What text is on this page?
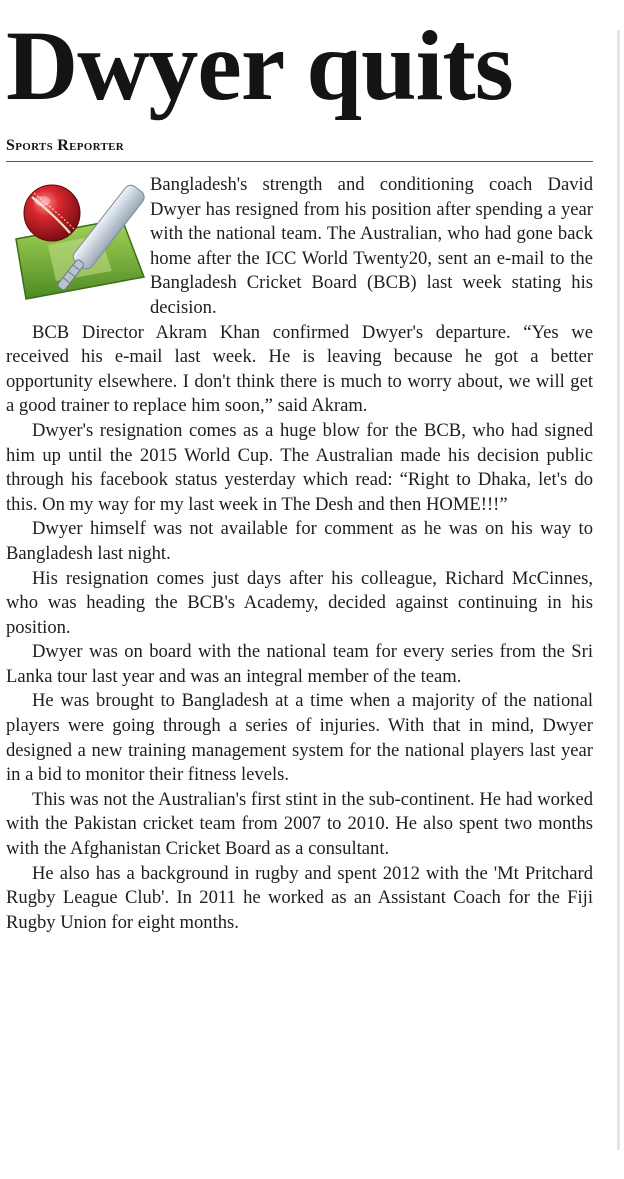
Dwyer quits
Sports Reporter

Bangladesh's strength and conditioning coach David Dwyer has resigned from his position after spending a year with the national team. The Australian, who had gone back home after the ICC World Twenty20, sent an e-mail to the Bangladesh Cricket Board (BCB) last week stating his decision.

BCB Director Akram Khan confirmed Dwyer's departure. “Yes we received his e-mail last week. He is leaving because he got a better opportunity elsewhere. I don't think there is much to worry about, we will get a good trainer to replace him soon,” said Akram.

Dwyer's resignation comes as a huge blow for the BCB, who had signed him up until the 2015 World Cup. The Australian made his decision public through his facebook status yesterday which read: “Right to Dhaka, let's do this. On my way for my last week in The Desh and then HOME!!!”

Dwyer himself was not available for comment as he was on his way to Bangladesh last night.

His resignation comes just days after his colleague, Richard McCinnes, who was heading the BCB's Academy, decided against continuing in his position.

Dwyer was on board with the national team for every series from the Sri Lanka tour last year and was an integral member of the team.

He was brought to Bangladesh at a time when a majority of the national players were going through a series of injuries. With that in mind, Dwyer designed a new training management system for the national players last year in a bid to monitor their fitness levels.

This was not the Australian's first stint in the sub-continent. He had worked with the Pakistan cricket team from 2007 to 2010. He also spent two months with the Afghanistan Cricket Board as a consultant.

He also has a background in rugby and spent 2012 with the 'Mt Pritchard Rugby League Club'. In 2011 he worked as an Assistant Coach for the Fiji Rugby Union for eight months.
